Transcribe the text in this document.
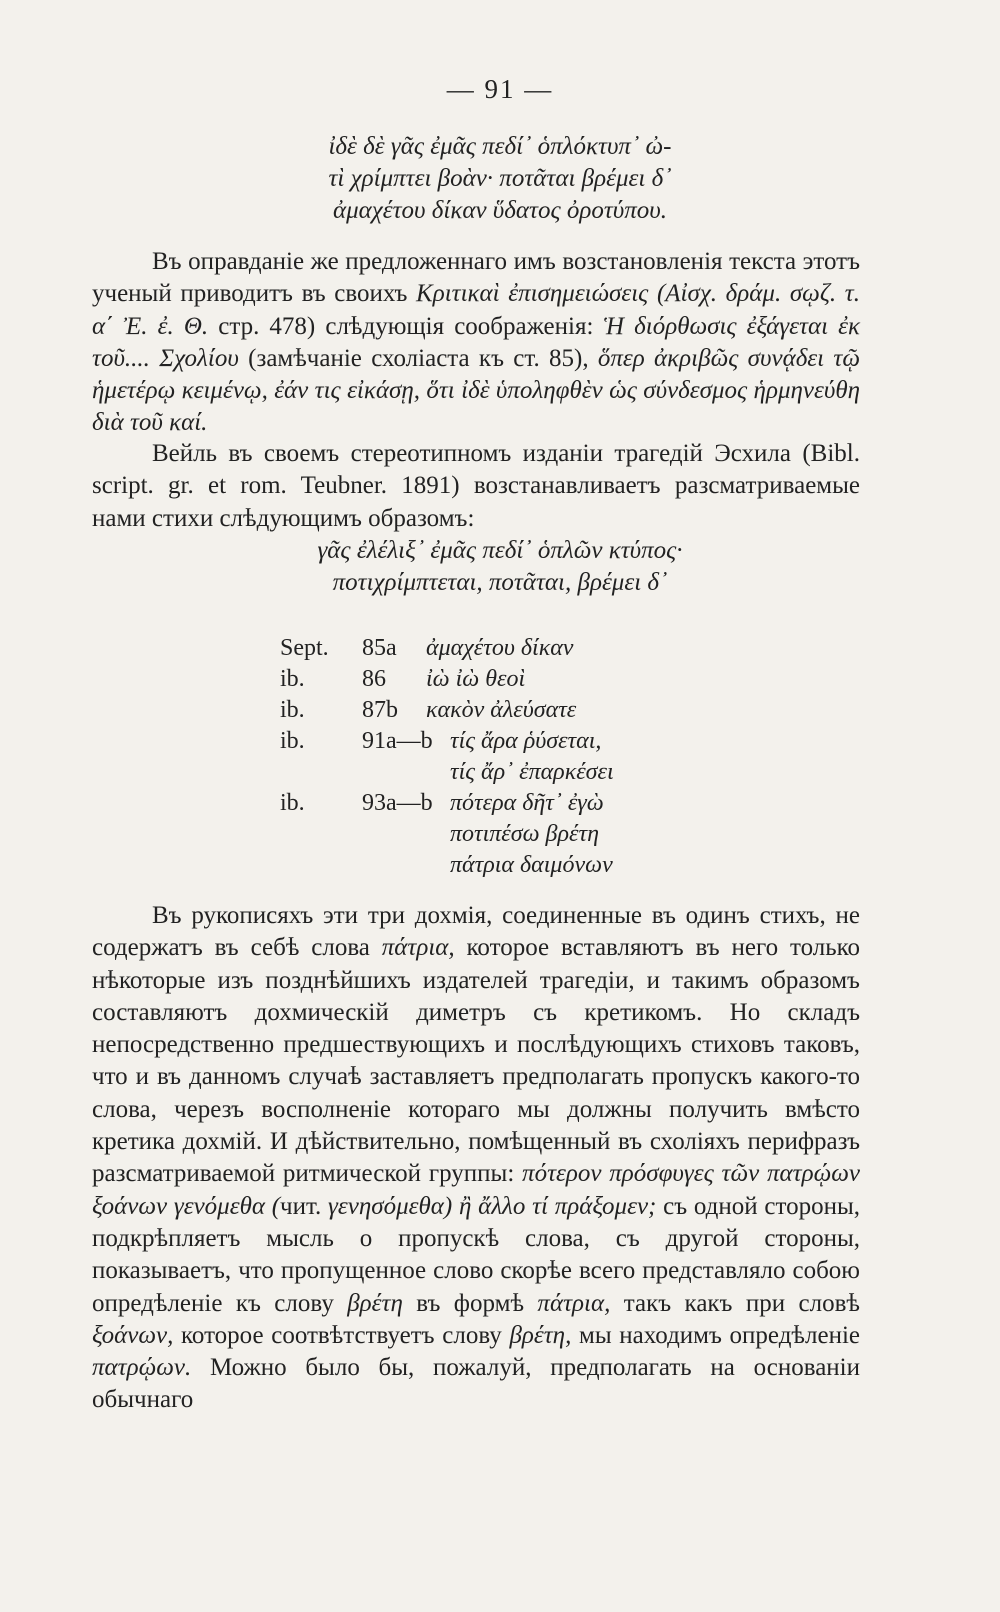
— 91 —
ἰδὲ δὲ γᾶς ἐμᾶς πεδί᾽ ὁπλόκτυπ᾽ ὠ-
τὶ χρίμπτει βοὰν· ποτᾶται βρέμει δ᾽
ἀμαχέτου δίκαν ὕδατος ὀροτύπου.

Въ оправданіе же предложеннаго имъ возстановленія текста этотъ ученый приводитъ въ своихъ Κριτικαὶ ἐπισημειώσεις (Αἰσχ. δράμ. σῳζ. τ. α΄ Ἐ. ἐ. Θ. стр. 478) слѣдующія соображенія: Ἡ διόρθωσις ἐξάγεται ἐκ τοῦ.... Σχολίου (замѣчаніе схоліаста къ ст. 85), ὅπερ ἀκριβῶς συνᾴδει τῷ ἡμετέρῳ κειμένῳ, ἐάν τις εἰκάσῃ, ὅτι ἰδὲ ὑποληφθὲν ὡς σύνδεσμος ἡρμηνεύθη διὰ τοῦ καί.

Вейль въ своемъ стереотипномъ изданіи трагедій Эсхила (Bibl. script. gr. et rom. Teubner. 1891) возстанавливаетъ разсматриваемые нами стихи слѣдующимъ образомъ:

γᾶς ἐλέλιξ᾽ ἐμᾶς πεδί᾽ ὁπλῶν κτύπος·
ποτιχρίμπτεται, ποτᾶται, βρέμει δ᾽
Sept.	85a	ἀμαχέτου δίκαν
ib.	86	ἰὼ ἰὼ θεοὶ
ib.	87b	κακὸν ἀλεύσατε
ib.	91a—b τίς ἄρα ῥύσεται,
τίς ἄρ᾽ ἐπαρκέσει
ib.	93a—b πότερα δῆτ᾽ ἐγὼ
ποτιπέσω βρέτη
πάτρια δαιμόνων

Въ рукописяхъ эти три дохмія, соединенные въ одинъ стихъ, не содержатъ въ себѣ слова πάτρια, которое вставляютъ въ него только нѣкоторые изъ позднѣйшихъ издателей трагедіи, и такимъ образомъ составляютъ дохмическій диметръ съ кретикомъ. Но складъ непосредственно предшествующихъ и послѣдующихъ стиховъ таковъ, что и въ данномъ случаѣ заставляетъ предполагать пропускъ какого-то слова, черезъ восполненіе котораго мы должны получить вмѣсто кретика дохмій. И дѣйствительно, помѣщенный въ схоліяхъ перифразъ разсматриваемой ритмической группы: πότερον πρόσφυγες τῶν πατρῴων ξοάνων γενόμεθα (чит. γενησόμεθα) ἢ ἄλλο τί πράξομεν; съ одной стороны, подкрѣпляетъ мысль о пропускѣ слова, съ другой стороны, показываетъ, что пропущенное слово скорѣе всего представляло собою опредѣленіе къ слову βρέτη въ формѣ πάτρια, такъ какъ при словѣ ξοάνων, которое соотвѣтствуетъ слову βρέτη, мы находимъ опредѣленіе πατρῴων. Можно было бы, пожалуй, предполагать на основаніи обычнаго
